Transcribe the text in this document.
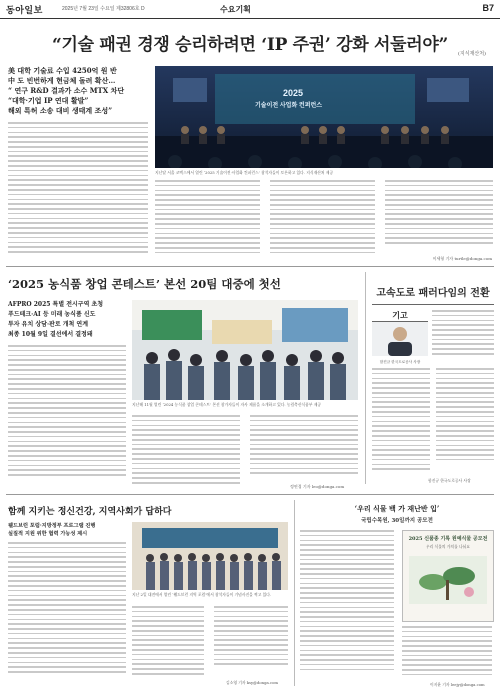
동아일보	2025년 7월 23일 수요일 제32806호 D	수요기획	B7
“기술 패권 경쟁 승리하려면 ‘IP 주권’ 강화 서둘러야”	(지식재산처)
美 대학 기술료 수입 4250억 원 반
中 도 빈번하게 현금체 돌려 확산…
“ 연구 R&D 결과가 소수 MTX 차단
“대학·기업 IP 연대 활발”
해외 특허 소송 대비 생태계 조성”
2025
기술이전 사업화 컨퍼런스
지난달 서울 코엑스에서 열린 ‘2025 기술이전·사업화 컨퍼런스’ 참석자들이 토론하고 있다. 지식재산처 제공
이세형 기자 turtle@donga.com
‘2025 농식품 창업 콘테스트’ 본선 20팀 대중에 첫선
AFPRO 2025 특별 전시구역 초청
푸드테크·AI 등 미래 농식품 신도
투자 유치 상담·판로 개척 연계
최종 10월 9일 결선에서 결정돼
지난해 11월 열린 ‘2024 농식품 창업 콘테스트’ 본선 참가자들이 자사 제품을 소개하고 있다. 농림축산식품부 제공
정연경 기자 leo@donga.com
고속도로 패러다임의 전환
기고
함진규 한국도로공사 사장
함진규 한국도로공사 사장
함께 지키는 정신건강, 지역사회가 답하다
웰드브런 포럼·지방정부 프로그램 진행
실질적 지원 위한 협력 가능성 제시
지난 2일 대전에서 열린 ‘웰드브런 지역 포럼’에서 참석자들이 기념사진을 찍고 있다.
김소영 기자 ksy@donga.com
‘우리 식물 백 가 재난반 입’
국립수목원, 30일까지 공모전
2025 신품종 기록 원예식물 공모전
우리 식물의 가치를 나눠요
이지윤 기자 leejy@donga.com
